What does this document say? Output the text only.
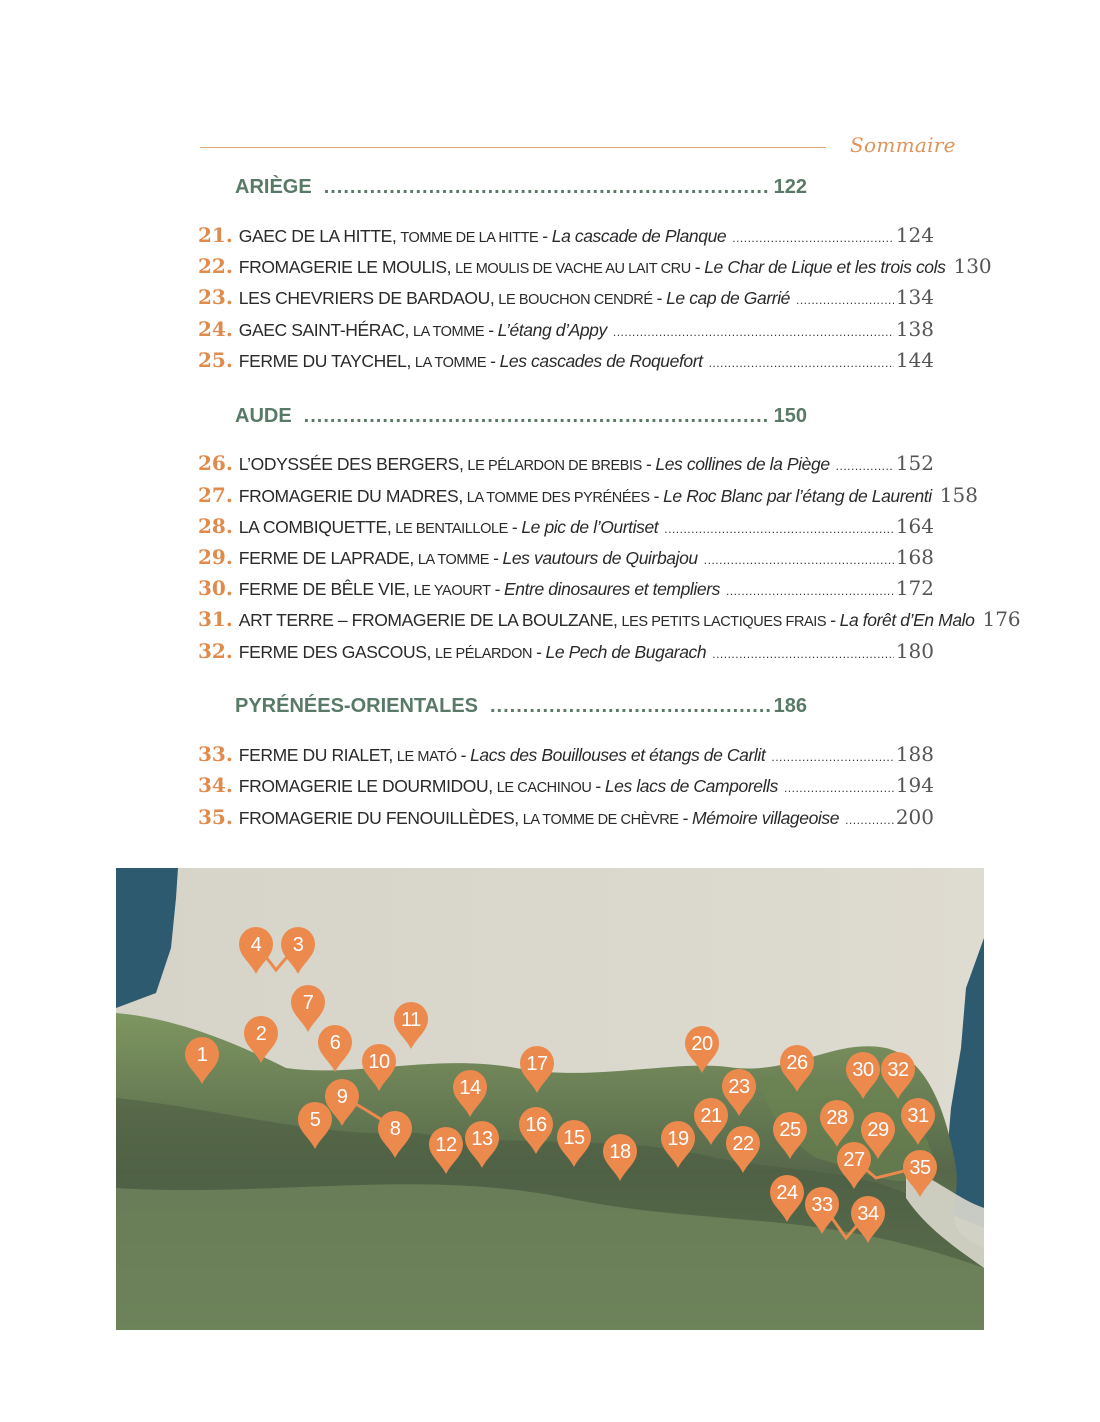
Sommaire
ARIÈGE .....	122
21. GAEC DE LA HITTE, TOMME DE LA HITTE - La cascade de Planque .....	124
22. FROMAGERIE LE MOULIS, LE MOULIS DE VACHE AU LAIT CRU - Le Char de Lique et les trois cols 130
23. LES CHEVRIERS DE BARDAOU, LE BOUCHON CENDRÉ - Le cap de Garrié .....	134
24. GAEC SAINT-HÉRAC, LA TOMME - L’étang d’Appy .....	138
25. FERME DU TAYCHEL, LA TOMME - Les cascades de Roquefort .....	144
AUDE .....	150
26. L’ODYSSÉE DES BERGERS, LE PÉLARDON DE BREBIS - Les collines de la Piège .....	152
27. FROMAGERIE DU MADRES, LA TOMME DES PYRÉNÉES - Le Roc Blanc par l’étang de Laurenti 158
28. LA COMBIQUETTE, LE BENTAILLOLE - Le pic de l’Ourtiset .....	164
29. FERME DE LAPRADE, LA TOMME - Les vautours de Quirbajou .....	168
30. FERME DE BÊLE VIE, LE YAOURT - Entre dinosaures et templiers .....	172
31. ART TERRE – FROMAGERIE DE LA BOULZANE, LES PETITS LACTIQUES FRAIS - La forêt d’En Malo 176
32. FERME DES GASCOUS, LE PÉLARDON - Le Pech de Bugarach .....	180
PYRÉNÉES-ORIENTALES .....	186
33. FERME DU RIALET, LE MATÓ - Lacs des Bouillouses et étangs de Carlit .....	188
34. FROMAGERIE LE DOURMIDOU, LE CACHINOU - Les lacs de Camporells .....	194
35. FROMAGERIE DU FENOUILLÈDES, LA TOMME DE CHÈVRE - Mémoire villageoise .....	200
1
2
3
4
5
6
7
8
9
10
11
12 13
14
15
16
17
18
19
20
21
22
23
24
25
26
27
28
29
30
31
32
33 34
35
